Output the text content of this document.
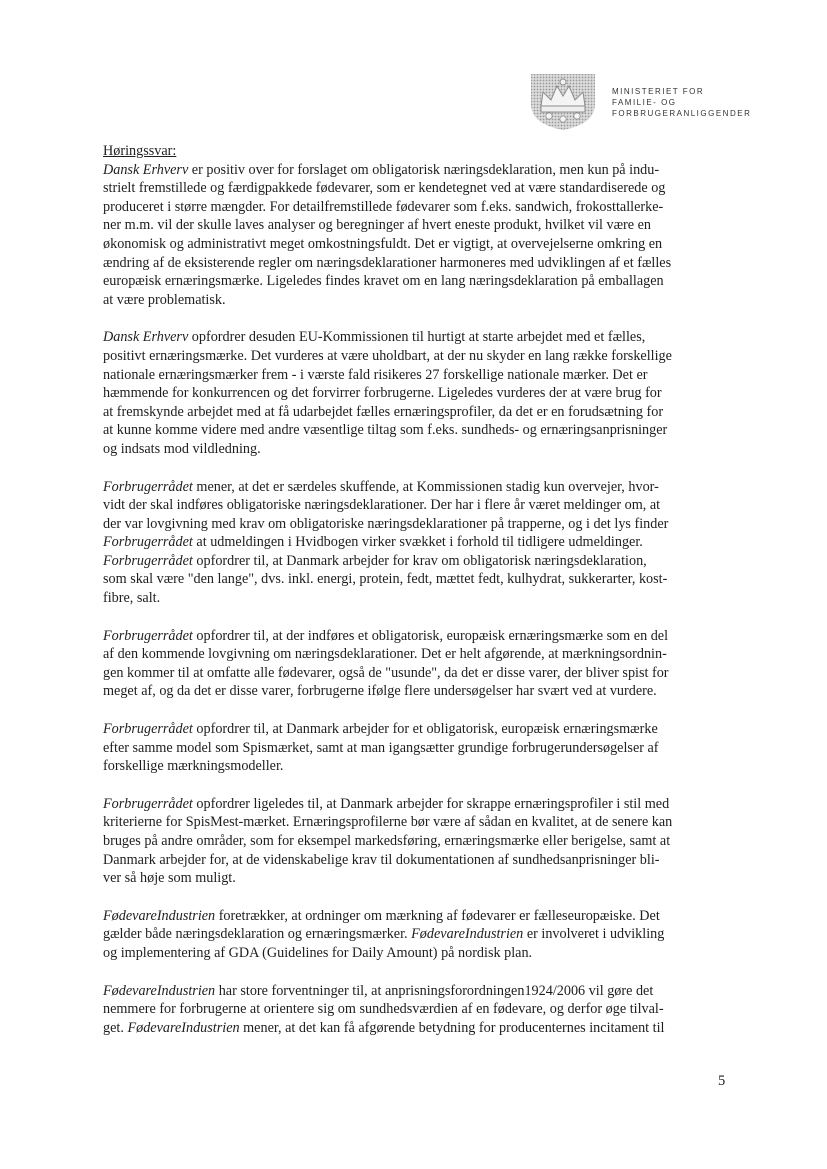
MINISTERIET FOR
FAMILIE- OG
FORBRUGERANLIGGENDER
Høringssvar:
Dansk Erhverv er positiv over for forslaget om obligatorisk næringsdeklaration, men kun på indu-
strielt fremstillede og færdigpakkede fødevarer, som er kendetegnet ved at være standardiserede og
produceret i større mængder. For detailfremstillede fødevarer som f.eks. sandwich, frokosttallerke-
ner m.m. vil der skulle laves analyser og beregninger af hvert eneste produkt, hvilket vil være en
økonomisk og administrativt meget omkostningsfuldt. Det er vigtigt, at overvejelserne omkring en
ændring af de eksisterende regler om næringsdeklarationer harmoneres med udviklingen af et fælles
europæisk ernæringsmærke. Ligeledes findes kravet om en lang næringsdeklaration på emballagen
at være problematisk.
Dansk Erhverv opfordrer desuden EU-Kommissionen til hurtigt at starte arbejdet med et fælles,
positivt ernæringsmærke. Det vurderes at være uholdbart, at der nu skyder en lang række forskellige
nationale ernæringsmærker frem - i værste fald risikeres 27 forskellige nationale mærker. Det er
hæmmende for konkurrencen og det forvirrer forbrugerne. Ligeledes vurderes der at være brug for
at fremskynde arbejdet med at få udarbejdet fælles ernæringsprofiler, da det er en forudsætning for
at kunne komme videre med andre væsentlige tiltag som f.eks. sundheds- og ernæringsanprisninger
og indsats mod vildledning.
Forbrugerrådet mener, at det er særdeles skuffende, at Kommissionen stadig kun overvejer, hvor-
vidt der skal indføres obligatoriske næringsdeklarationer. Der har i flere år været meldinger om, at
der var lovgivning med krav om obligatoriske næringsdeklarationer på trapperne, og i det lys finder
Forbrugerrådet at udmeldingen i Hvidbogen virker svækket i forhold til tidligere udmeldinger.
Forbrugerrådet opfordrer til, at Danmark arbejder for krav om obligatorisk næringsdeklaration,
som skal være "den lange", dvs. inkl. energi, protein, fedt, mættet fedt, kulhydrat, sukkerarter, kost-
fibre, salt.
Forbrugerrådet opfordrer til, at der indføres et obligatorisk, europæisk ernæringsmærke som en del
af den kommende lovgivning om næringsdeklarationer. Det er helt afgørende, at mærkningsordnin-
gen kommer til at omfatte alle fødevarer, også de "usunde", da det er disse varer, der bliver spist for
meget af, og da det er disse varer, forbrugerne ifølge flere undersøgelser har svært ved at vurdere.
Forbrugerrådet opfordrer til, at Danmark arbejder for et obligatorisk, europæisk ernæringsmærke
efter samme model som Spismærket, samt at man igangsætter grundige forbrugerundersøgelser af
forskellige mærkningsmodeller.
Forbrugerrådet opfordrer ligeledes til, at Danmark arbejder for skrappe ernæringsprofiler i stil med
kriterierne for SpisMest-mærket. Ernæringsprofilerne bør være af sådan en kvalitet, at de senere kan
bruges på andre områder, som for eksempel markedsføring, ernæringsmærke eller berigelse, samt at
Danmark arbejder for, at de videnskabelige krav til dokumentationen af sundhedsanprisninger bli-
ver så høje som muligt.
FødevareIndustrien foretrækker, at ordninger om mærkning af fødevarer er fælleseuropæiske. Det
gælder både næringsdeklaration og ernæringsmærker. FødevareIndustrien er involveret i udvikling
og implementering af GDA (Guidelines for Daily Amount) på nordisk plan.
FødevareIndustrien har store forventninger til, at anprisningsforordningen1924/2006 vil gøre det
nemmere for forbrugerne at orientere sig om sundhedsværdien af en fødevare, og derfor øge tilval-
get. FødevareIndustrien mener, at det kan få afgørende betydning for producenternes incitament til
5
